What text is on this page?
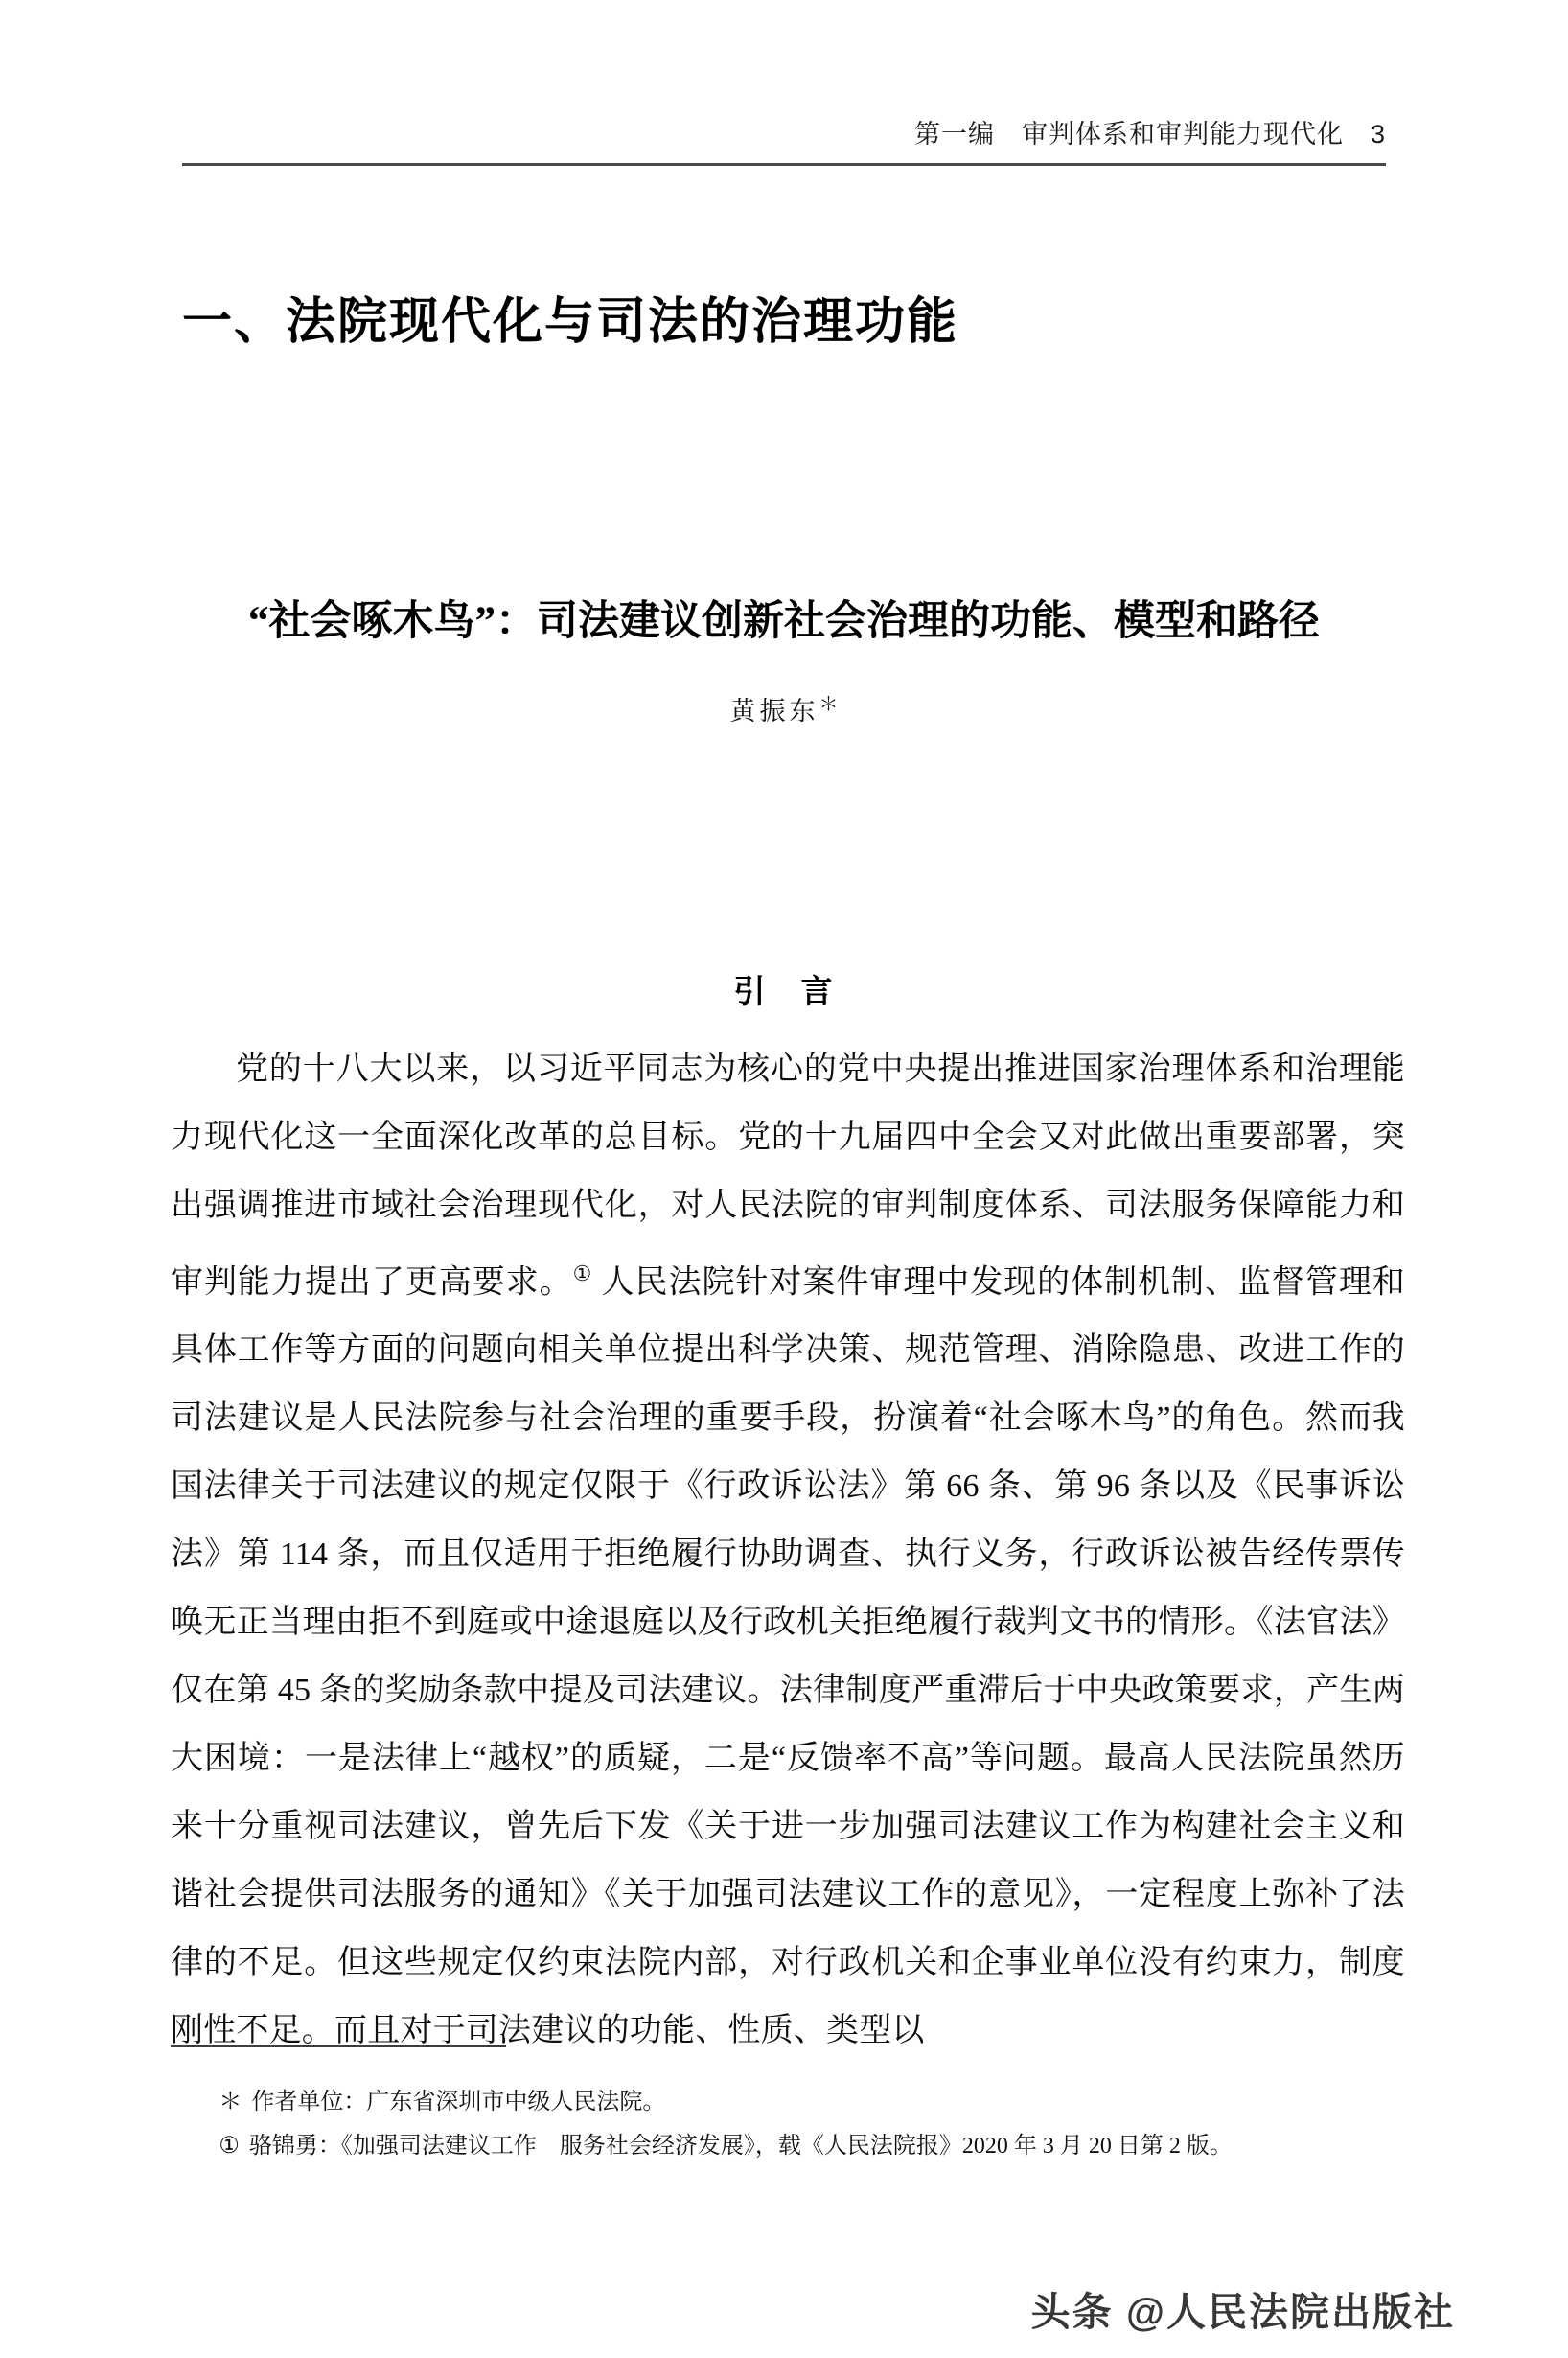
第一编　审判体系和审判能力现代化　3
一、法院现代化与司法的治理功能
“社会啄木鸟”：司法建议创新社会治理的功能、模型和路径
黄振东＊
引　言

党的十八大以来，以习近平同志为核心的党中央提出推进国家治理体系和治理能力现代化这一全面深化改革的总目标。党的十九届四中全会又对此做出重要部署，突出强调推进市域社会治理现代化，对人民法院的审判制度体系、司法服务保障能力和审判能力提出了更高要求。① 人民法院针对案件审理中发现的体制机制、监督管理和具体工作等方面的问题向相关单位提出科学决策、规范管理、消除隐患、改进工作的司法建议是人民法院参与社会治理的重要手段，扮演着“社会啄木鸟”的角色。然而我国法律关于司法建议的规定仅限于《行政诉讼法》第 66 条、第 96 条以及《民事诉讼法》第 114 条，而且仅适用于拒绝履行协助调查、执行义务，行政诉讼被告经传票传唤无正当理由拒不到庭或中途退庭以及行政机关拒绝履行裁判文书的情形。《法官法》仅在第 45 条的奖励条款中提及司法建议。法律制度严重滞后于中央政策要求，产生两大困境：一是法律上“越权”的质疑，二是“反馈率不高”等问题。最高人民法院虽然历来十分重视司法建议，曾先后下发《关于进一步加强司法建议工作为构建社会主义和谐社会提供司法服务的通知》《关于加强司法建议工作的意见》，一定程度上弥补了法律的不足。但这些规定仅约束法院内部，对行政机关和企事业单位没有约束力，制度刚性不足。而且对于司法建议的功能、性质、类型以

＊ 作者单位：广东省深圳市中级人民法院。

① 骆锦勇：《加强司法建议工作　服务社会经济发展》，载《人民法院报》2020 年 3 月 20 日第 2 版。

头条 @人民法院出版社
